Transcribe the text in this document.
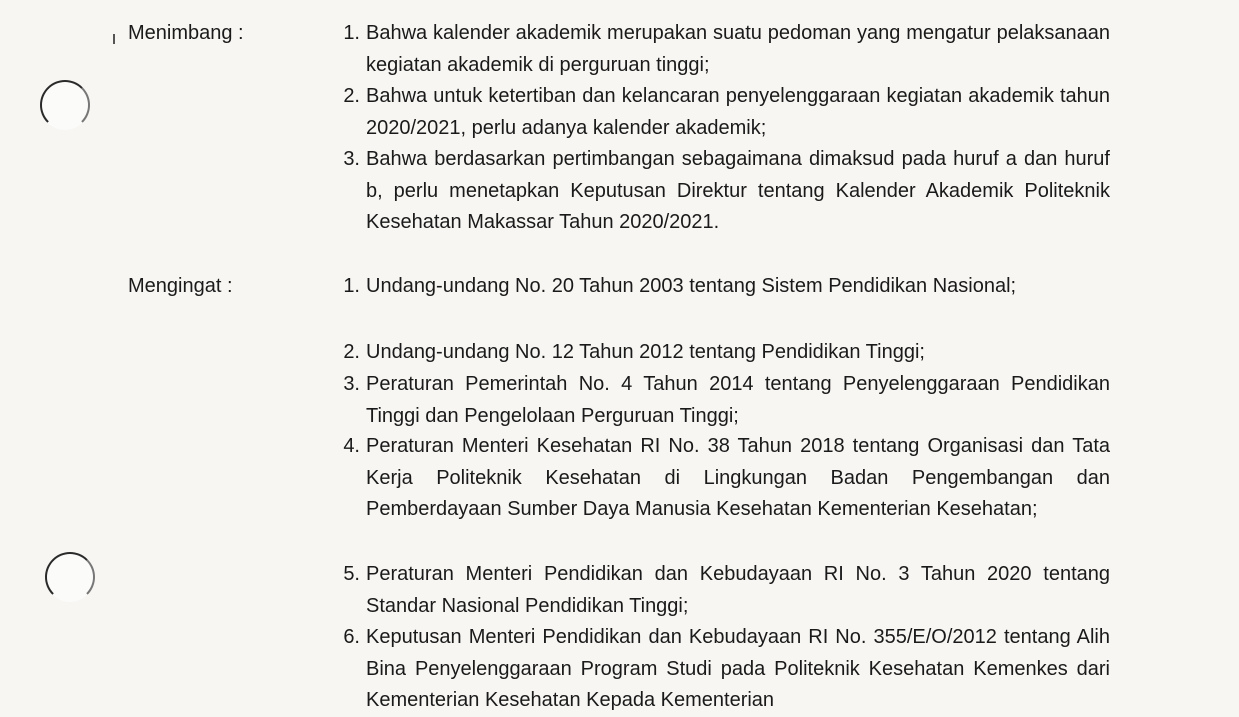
Menimbang :	1. Bahwa kalender akademik merupakan suatu pedoman yang mengatur pelaksanaan kegiatan akademik di perguruan tinggi;
2. Bahwa untuk ketertiban dan kelancaran penyelenggaraan kegiatan akademik tahun 2020/2021, perlu adanya kalender akademik;
3. Bahwa berdasarkan pertimbangan sebagaimana dimaksud pada huruf a dan huruf b, perlu menetapkan Keputusan Direktur tentang Kalender Akademik Politeknik Kesehatan Makassar Tahun 2020/2021.
Mengingat :	1. Undang-undang No. 20 Tahun 2003 tentang Sistem Pendidikan Nasional;
2. Undang-undang No. 12 Tahun 2012 tentang Pendidikan Tinggi;
3. Peraturan Pemerintah No. 4 Tahun 2014 tentang Penyelenggaraan Pendidikan Tinggi dan Pengelolaan Perguruan Tinggi;
4. Peraturan Menteri Kesehatan RI No. 38 Tahun 2018 tentang Organisasi dan Tata Kerja Politeknik Kesehatan di Lingkungan Badan Pengembangan dan Pemberdayaan Sumber Daya Manusia Kesehatan Kementerian Kesehatan;
5. Peraturan Menteri Pendidikan dan Kebudayaan RI No. 3 Tahun 2020 tentang Standar Nasional Pendidikan Tinggi;
6. Keputusan Menteri Pendidikan dan Kebudayaan RI No. 355/E/O/2012 tentang Alih Bina Penyelenggaraan Program Studi pada Politeknik Kesehatan Kemenkes dari Kementerian Kesehatan Kepada Kementerian
